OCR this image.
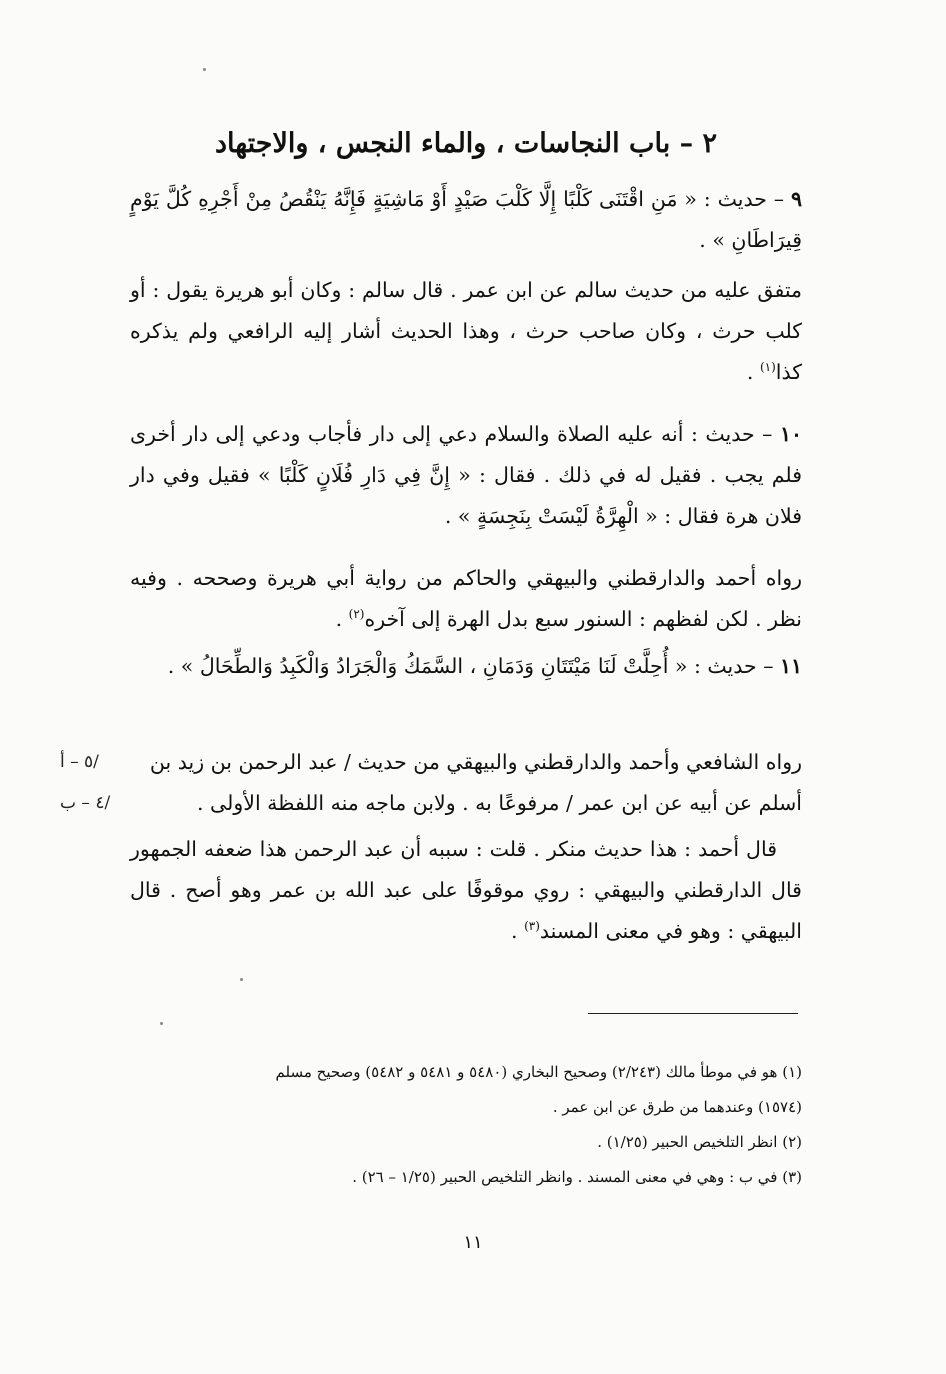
٢ – باب النجاسات ، والماء النجس ، والاجتهاد

٩ – حديث : « مَنِ اقْتَنَى كَلْبًا إِلَّا كَلْبَ صَيْدٍ أَوْ مَاشِيَةٍ فَإِنَّهُ يَنْقُصُ مِنْ أَجْرِهِ كُلَّ يَوْمٍ قِيرَاطَانِ » .

متفق عليه من حديث سالم عن ابن عمر . قال سالم : وكان أبو هريرة يقول : أو كلب حرث ، وكان صاحب حرث ، وهذا الحديث أشار إليه الرافعي ولم يذكره كذا$^{(١)}$ .

١٠ – حديث : أنه عليه الصلاة والسلام دعي إلى دار فأجاب ودعي إلى دار أخرى فلم يجب . فقيل له في ذلك . فقال : « إِنَّ فِي دَارِ فُلَانٍ كَلْبًا » فقيل وفي دار فلان هرة فقال : « الْهِرَّةُ لَيْسَتْ بِنَجِسَةٍ » .

رواه أحمد والدارقطني والبيهقي والحاكم من رواية أبي هريرة وصححه . وفيه نظر . لكن لفظهم : السنور سبع بدل الهرة إلى آخره$^{(٢)}$ .

١١ – حديث : « أُحِلَّتْ لَنَا مَيْتَتَانِ وَدَمَانِ ، السَّمَكُ وَالْجَرَادُ وَالْكَبِدُ وَالطِّحَالُ » .

رواه الشافعي وأحمد والدارقطني والبيهقي من حديث / عبد الرحمن بن زيد بن

أسلم عن أبيه عن ابن عمر / مرفوعًا به . ولابن ماجه منه اللفظة الأولى .

قال أحمد : هذا حديث منكر . قلت : سببه أن عبد الرحمن هذا ضعفه الجمهور قال الدارقطني والبيهقي : روي موقوفًا على عبد الله بن عمر وهو أصح . قال البيهقي : وهو في معنى المسند$^{(٣)}$ .

/٥ – أ
/٤ – ب

(١) هو في موطأ مالك (٢/٢٤٣) وصحيح البخاري (٥٤٨٠ و ٥٤٨١ و ٥٤٨٢) وصحيح مسلم

(١٥٧٤) وعندهما من طرق عن ابن عمر .

(٢) انظر التلخيص الحبير (١/٢٥) .

(٣) في ب : وهي في معنى المسند . وانظر التلخيص الحبير (١/٢٥ – ٢٦) .

١١
